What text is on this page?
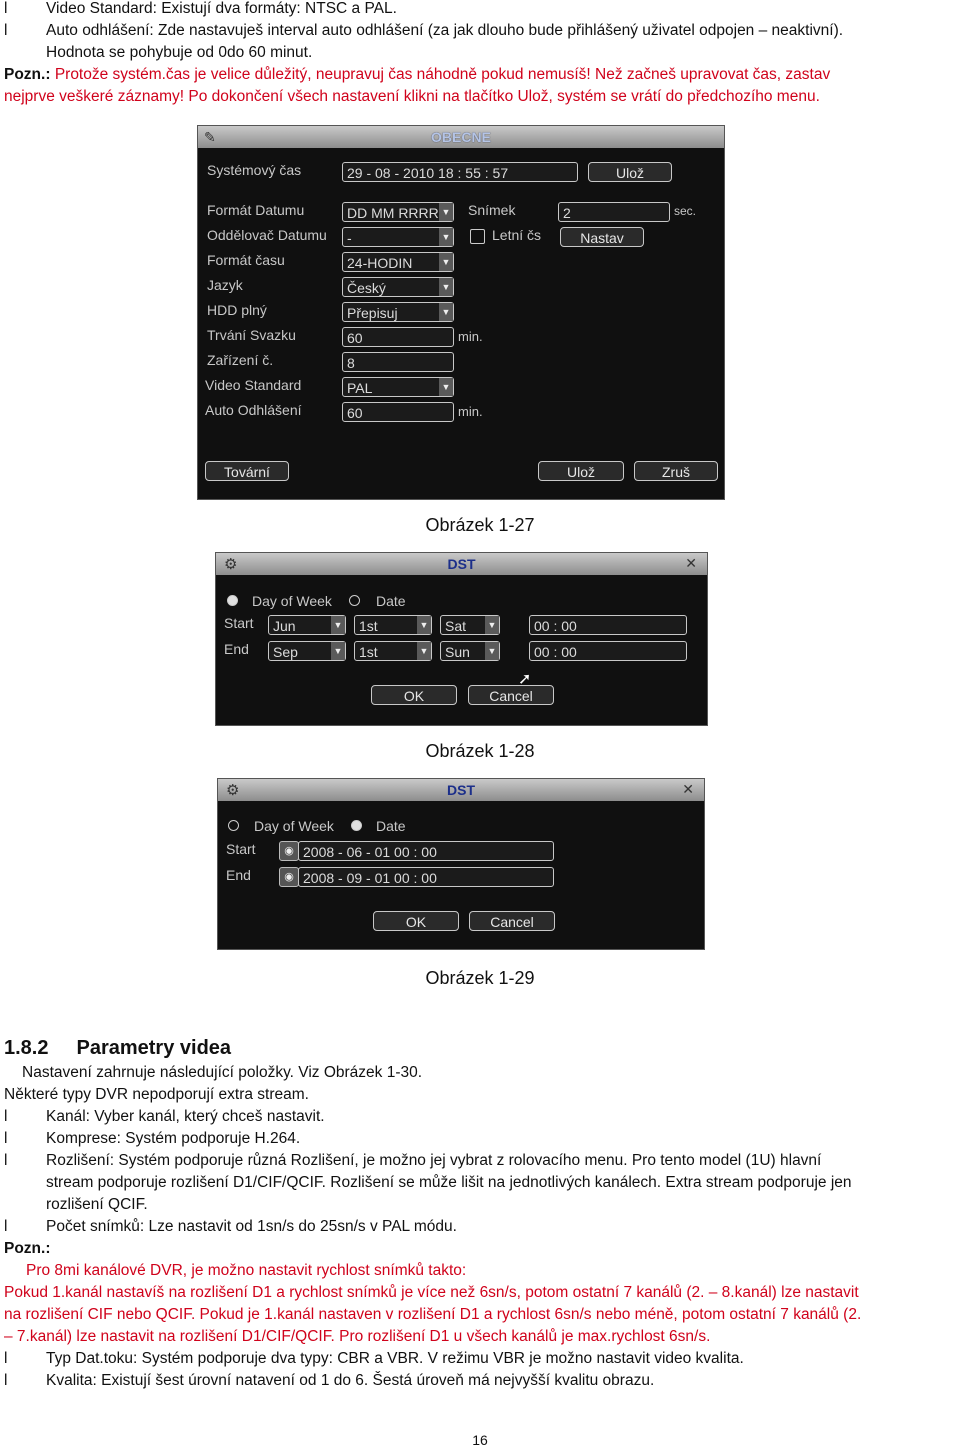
l Video Standard: Existují dva formáty: NTSC a PAL.
l Auto odhlášení: Zde nastavuješ interval auto odhlášení (za jak dlouho bude přihlášený uživatel odpojen – neaktivní).
Hodnota se pohybuje od 0do 60 minut.
Pozn.: Protože systém.čas je velice důležitý, neupravuj čas náhodně pokud nemusíš! Než začneš upravovat čas, zastav
nejprve veškeré záznamy! Po dokončení všech nastavení klikni na tlačítko Ulož, systém se vrátí do předchozího menu.
✎	OBECNE
Systémový čas	29 - 08 - 2010 18 : 55 : 57	Ulož
Formát Datumu	DD MM RRRR ▼ Snímek	2	sec.
Oddělovač Datumu	-	▼	Letní čs	Nastav
Formát času	24-HODIN	▼
Jazyk	Český	▼
HDD plný	Přepisuj	▼
Trvání Svazku	60	min.
Zařízení č.	8
Video Standard	PAL	▼
Auto Odhlášení	60	min.
Tovární	Ulož	Zruš
Obrázek 1-27
⚙	DST	✕
Day of Week	Date
Start	Jun	▼	1st	▼	Sat ▼	00 : 00
End	Sep	▼	1st	▼	Sun ▼	00 : 00
OK	Cancel
➚
Obrázek 1-28
⚙	DST	✕
Day of Week	Date
Start	◉ 2008 - 06 - 01 00 : 00
End	◉ 2008 - 09 - 01 00 : 00
OK	Cancel
Obrázek 1-29
1.8.2 Parametry videa
Nastavení zahrnuje následující položky. Viz Obrázek 1-30.
Některé typy DVR nepodporují extra stream.
l Kanál: Vyber kanál, který chceš nastavit.
l Komprese: Systém podporuje H.264.
l Rozlišení: Systém podporuje různá Rozlišení, je možno jej vybrat z rolovacího menu. Pro tento model (1U) hlavní
stream podporuje rozlišení D1/CIF/QCIF. Rozlišení se může lišit na jednotlivých kanálech. Extra stream podporuje jen
rozlišení QCIF.
l Počet snímků: Lze nastavit od 1sn/s do 25sn/s v PAL módu.
Pozn.:
Pro 8mi kanálové DVR, je možno nastavit rychlost snímků takto:
Pokud 1.kanál nastavíš na rozlišení D1 a rychlost snímků je více než 6sn/s, potom ostatní 7 kanálů (2. – 8.kanál) lze nastavit
na rozlišení CIF nebo QCIF. Pokud je 1.kanál nastaven v rozlišení D1 a rychlost 6sn/s nebo méně, potom ostatní 7 kanálů (2.
– 7.kanál) lze nastavit na rozlišení D1/CIF/QCIF. Pro rozlišení D1 u všech kanálů je max.rychlost 6sn/s.
l Typ Dat.toku: Systém podporuje dva typy: CBR a VBR. V režimu VBR je možno nastavit video kvalita.
l Kvalita: Existují šest úrovní natavení od 1 do 6. Šestá úroveň má nejvyšší kvalitu obrazu.
16
